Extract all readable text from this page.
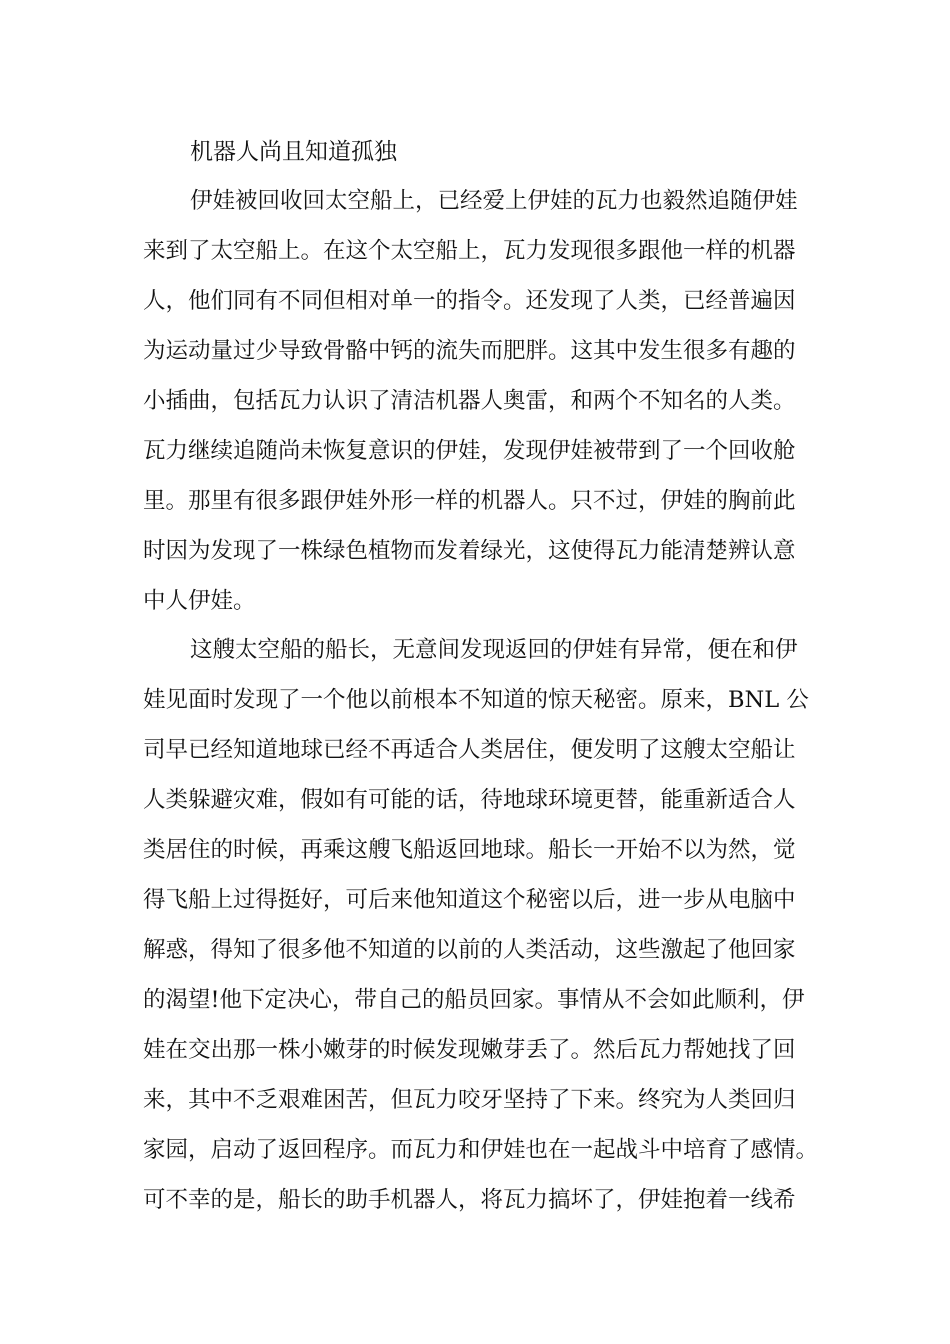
机器人尚且知道孤独
伊娃被回收回太空船上，已经爱上伊娃的瓦力也毅然追随伊娃
来到了太空船上。在这个太空船上，瓦力发现很多跟他一样的机器
人，他们同有不同但相对单一的指令。还发现了人类，已经普遍因
为运动量过少导致骨骼中钙的流失而肥胖。这其中发生很多有趣的
小插曲，包括瓦力认识了清洁机器人奥雷，和两个不知名的人类。
瓦力继续追随尚未恢复意识的伊娃，发现伊娃被带到了一个回收舱
里。那里有很多跟伊娃外形一样的机器人。只不过，伊娃的胸前此
时因为发现了一株绿色植物而发着绿光，这使得瓦力能清楚辨认意
中人伊娃。
这艘太空船的船长，无意间发现返回的伊娃有异常，便在和伊
娃见面时发现了一个他以前根本不知道的惊天秘密。原来，BNL 公
司早已经知道地球已经不再适合人类居住，便发明了这艘太空船让
人类躲避灾难，假如有可能的话，待地球环境更替，能重新适合人
类居住的时候，再乘这艘飞船返回地球。船长一开始不以为然，觉
得飞船上过得挺好，可后来他知道这个秘密以后，进一步从电脑中
解惑，得知了很多他不知道的以前的人类活动，这些激起了他回家
的渴望!他下定决心，带自己的船员回家。事情从不会如此顺利，伊
娃在交出那一株小嫩芽的时候发现嫩芽丢了。然后瓦力帮她找了回
来，其中不乏艰难困苦，但瓦力咬牙坚持了下来。终究为人类回归
家园，启动了返回程序。而瓦力和伊娃也在一起战斗中培育了感情。
可不幸的是，船长的助手机器人，将瓦力搞坏了，伊娃抱着一线希
